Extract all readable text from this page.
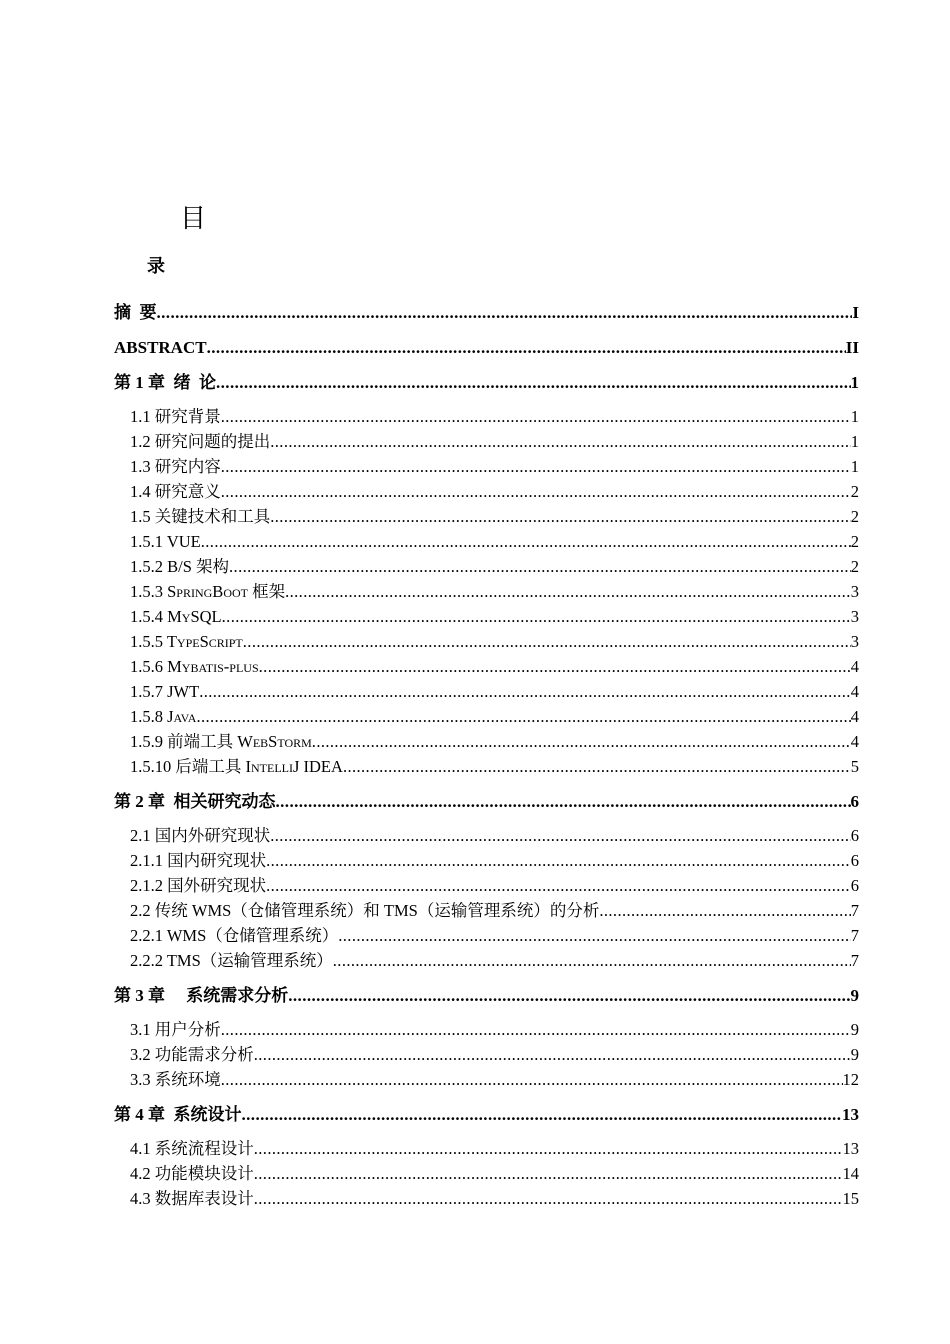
目
录
摘  要 .....	I
ABSTRACT .....	II
第 1 章  绪  论 .....	1
1.1 研究背景 .....	1
1.2 研究问题的提出 .....	1
1.3 研究内容 .....	1
1.4 研究意义 .....	2
1.5 关键技术和工具 .....	2
1.5.1 VUE .....	2
1.5.2 B/S 架构 .....	2
1.5.3 SpringBoot 框架 .....	3
1.5.4 MySQL .....	3
1.5.5 TypeScript .....	3
1.5.6 Mybatis-plus .....	4
1.5.7 JWT .....	4
1.5.8 Java .....	4
1.5.9 前端工具 WebStorm .....	4
1.5.10 后端工具 IntelliJ IDEA .....	5
第 2 章  相关研究动态 .....	6
2.1 国内外研究现状 .....	6
2.1.1 国内研究现状 .....	6
2.1.2 国外研究现状 .....	6
2.2 传统 WMS（仓储管理系统）和 TMS（运输管理系统）的分析 .....	7
2.2.1 WMS（仓储管理系统） .....	7
2.2.2 TMS（运输管理系统） .....	7
第 3 章     系统需求分析 .....	9
3.1 用户分析 .....	9
3.2 功能需求分析 .....	9
3.3 系统环境 .....	12
第 4 章  系统设计 .....	13
4.1 系统流程设计 .....	13
4.2 功能模块设计 .....	14
4.3 数据库表设计 .....	15
